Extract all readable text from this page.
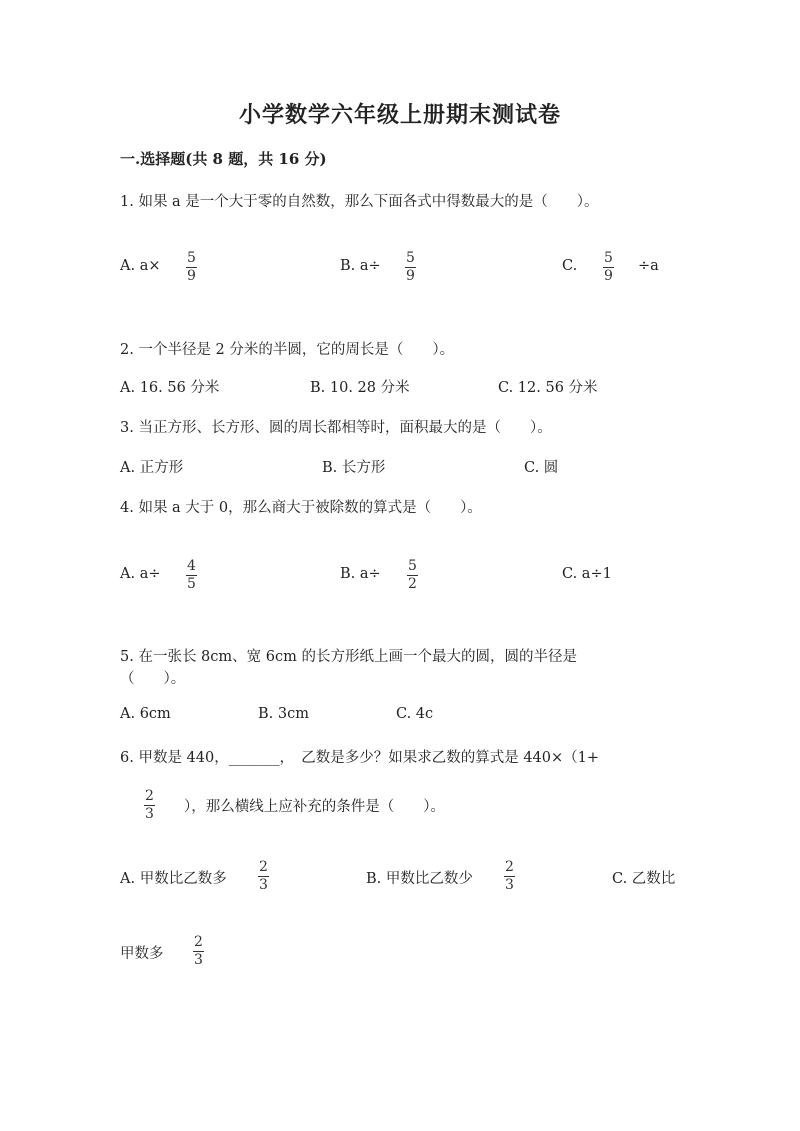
小学数学六年级上册期末测试卷
一.选择题(共 8 题，共 16 分)
1. 如果 a 是一个大于零的自然数，那么下面各式中得数最大的是（　　）。
A. a× 5
9
B. a÷ 5
9
C. 5
9
÷a
2. 一个半径是 2 分米的半圆，它的周长是（　　）。
A. 16. 56 分米	B. 10. 28 分米	C. 12. 56 分米
3. 当正方形、长方形、圆的周长都相等时，面积最大的是（　　）。
A. 正方形	B. 长方形	C. 圆
4. 如果 a 大于 0，那么商大于被除数的算式是（　　）。
A. a÷ 4
5
B. a÷ 5
2
C. a÷1
5. 在一张长 8cm、宽 6cm 的长方形纸上画一个最大的圆，圆的半径是
（　　）。
A. 6cm	B. 3cm	C. 4c
6. 甲数是 440，_______，　乙数是多少？如果求乙数的算式是 440×（1+
2
3 ），那么横线上应补充的条件是（　　）。
A. 甲数比乙数多
2
3	B. 甲数比乙数少
2
3	C. 乙数比
甲数多
2
3
